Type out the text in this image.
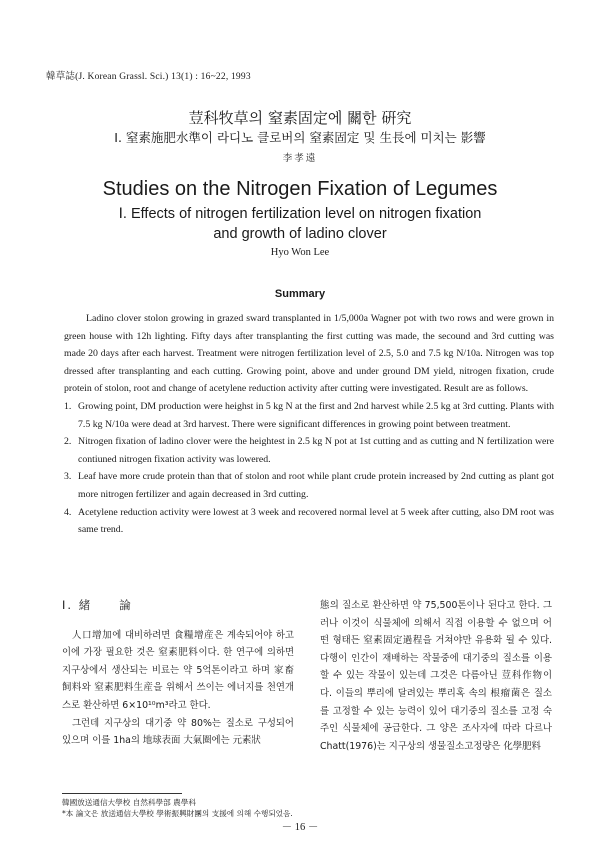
韓草誌(J. Korean Grassl. Sci.) 13(1) : 16~22, 1993
荳科牧草의 窒素固定에 關한 硏究
Ⅰ. 窒素施肥水準이 라디노 클로버의 窒素固定 및 生長에 미치는 影響
李孝遠
Studies on the Nitrogen Fixation of Legumes
Ⅰ. Effects of nitrogen fertilization level on nitrogen fixation
and growth of ladino clover
Hyo Won Lee
Summary

Ladino clover stolon growing in grazed sward transplanted in 1/5,000a Wagner pot with two rows and were grown in green house with 12h lighting. Fifty days after transplanting the first cutting was made, the secound and 3rd cutting was made 20 days after each harvest. Treatment were nitrogen fertilization level of 2.5, 5.0 and 7.5 kg N/10a. Nitrogen was top dressed after transplanting and each cutting. Growing point, above and under ground DM yield, nitrogen fixation, crude protein of stolon, root and change of acetylene reduction activity after cutting were investigated. Result are as follows.

1. Growing point, DM production were heighst in 5 kg N at the first and 2nd harvest while 2.5 kg at 3rd cutting. Plants with 7.5 kg N/10a were dead at 3rd harvest. There were significant differences in growing point between treatment.
2. Nitrogen fixation of ladino clover were the heightest in 2.5 kg N pot at 1st cutting and as cutting and N fertilization were contiuned nitrogen fixation activity was lowered.
3. Leaf have more crude protein than that of stolon and root while plant crude protein increased by 2nd cutting as plant got more nitrogen fertilizer and again decreased in 3rd cutting.
4. Acetylene reduction activity were lowest at 3 week and recovered normal level at 5 week after cutting, also DM root was same trend.
Ⅰ. 緒　　論

人口增加에 대비하려면 食糧增産은 계속되어야 하고 이에 가장 필요한 것은 窒素肥料이다. 한 연구에 의하면 지구상에서 생산되는 비료는 약 5억톤이라고 하며 家畜飼料와 窒素肥料生産을 위해서 쓰이는 에너지를 천연개스로 환산하면 6×10¹⁰m³라고 한다.

그런데 지구상의 대기중 약 80%는 질소로 구성되어 있으며 이를 1ha의 地球表面 大氣圈에는 元素狀

態의 질소로 환산하면 약 75,500톤이나 된다고 한다. 그러나 이것이 식물체에 의해서 직접 이용할 수 없으며 어떤 형태든 窒素固定過程을 거쳐야만 유용화 될 수 있다. 다행이 인간이 재배하는 작물중에 대기중의 질소를 이용할 수 있는 작물이 있는데 그것은 다름아닌 荳科作物이다. 이들의 뿌리에 달려있는 뿌리혹 속의 根瘤菌은 질소를 고정할 수 있는 능력이 있어 대기중의 질소를 고정 숙주인 식물체에 공급한다. 그 양은 조사자에 따라 다르나 Chatt(1976)는 지구상의 생물질소고정량은 化學肥料

韓國放送通信大學校 自然科學部 農學科
*本 論文은 放送通信大學校 學術振興財團의 支援에 의해 수행되었음.
－ 16 －
